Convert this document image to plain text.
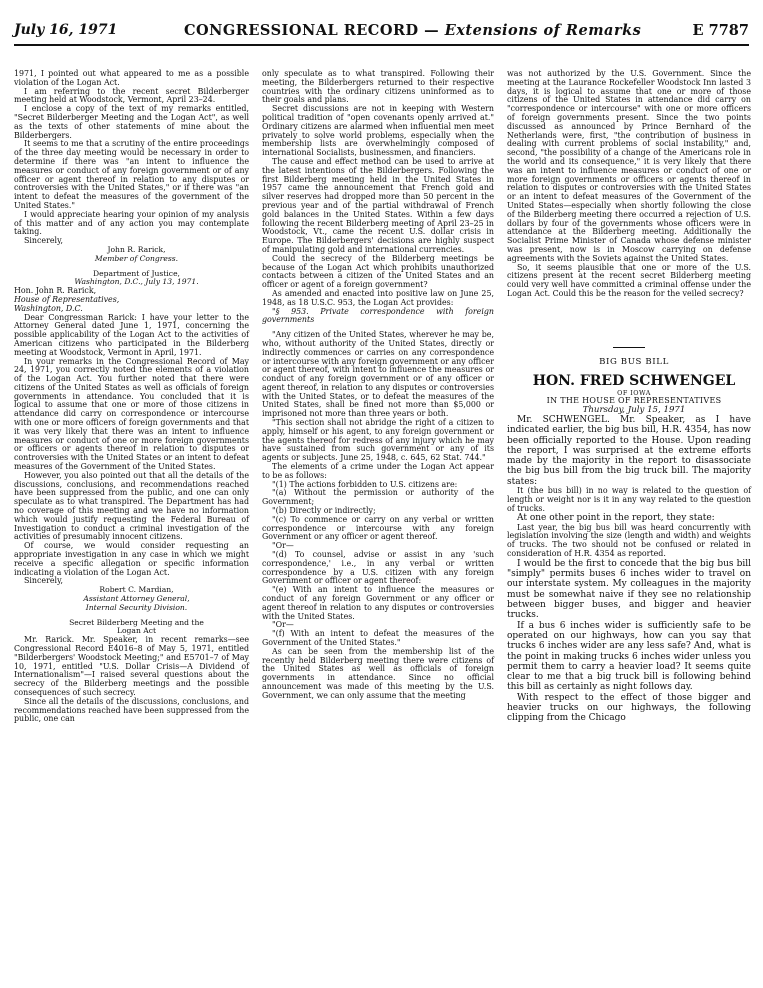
July 16, 1971	CONGRESSIONAL RECORD — Extensions of Remarks	E 7787

1971, I pointed out what appeared to me as a possible violation of the Logan Act.

I am referring to the recent secret Bilderberger meeting held at Woodstock, Vermont, April 23–24.

I enclose a copy of the text of my remarks entitled, "Secret Bilderberger Meeting and the Logan Act", as well as the texts of other statements of mine about the Bilderbergers.

It seems to me that a scrutiny of the entire proceedings of the three day meeting would be necessary in order to determine if there was "an intent to influence the measures or conduct of any foreign government or of any officer or agent thereof in relation to any disputes or controversies with the United States," or if there was "an intent to defeat the measures of the government of the United States."

I would appreciate hearing your opinion of my analysis of this matter and of any action you may contemplate taking.

Sincerely,

John R. Rarick,

Member of Congress.

Department of Justice,

Washington, D.C., July 13, 1971.

Hon. John R. Rarick,

House of Representatives,

Washington, D.C.

Dear Congressman Rarick: I have your letter to the Attorney General dated June 1, 1971, concerning the possible applicability of the Logan Act to the activities of American citizens who participated in the Bilderberg meeting at Woodstock, Vermont in April, 1971.

In your remarks in the Congressional Record of May 24, 1971, you correctly noted the elements of a violation of the Logan Act. You further noted that there were citizens of the United States as well as officials of foreign governments in attendance. You concluded that it is logical to assume that one or more of those citizens in attendance did carry on correspondence or intercourse with one or more officers of foreign governments and that it was very likely that there was an intent to influence measures or conduct of one or more foreign governments or officers or agents thereof in relation to disputes or controversies with the United States or an intent to defeat measures of the Government of the United States.

However, you also pointed out that all the details of the discussions, conclusions, and recommendations reached have been suppressed from the public, and one can only speculate as to what transpired. The Department has had no coverage of this meeting and we have no information which would justify requesting the Federal Bureau of Investigation to conduct a criminal investigation of the activities of presumably innocent citizens.

Of course, we would consider requesting an appropriate investigation in any case in which we might receive a specific allegation or specific information indicating a violation of the Logan Act.

Sincerely,

Robert C. Mardian,

Assistant Attorney General,

Internal Security Division.

Secret Bilderberg Meeting and the

Logan Act

Mr. Rarick. Mr. Speaker, in recent remarks—see Congressional Record E4016–8 of May 5, 1971, entitled "Bilderbergers' Woodstock Meeting;" and E5701–7 of May 10, 1971, entitled "U.S. Dollar Crisis—A Dividend of Internationalism"—I raised several questions about the secrecy of the Bilderberg meetings and the possible consequences of such secrecy.

Since all the details of the discussions, conclusions, and recommendations reached have been suppressed from the public, one can

only speculate as to what transpired. Following their meeting, the Bilderbergers returned to their respective countries with the ordinary citizens uninformed as to their goals and plans.

Secret discussions are not in keeping with Western political tradition of "open covenants openly arrived at." Ordinary citizens are alarmed when influential men meet privately to solve world problems, especially when the membership lists are overwhelmingly composed of international Socialists, businessmen, and financiers.

The cause and effect method can be used to arrive at the latest intentions of the Bilderbergers. Following the first Bilderberg meeting held in the United States in 1957 came the announcement that French gold and silver reserves had dropped more than 50 percent in the previous year and of the partial withdrawal of French gold balances in the United States. Within a few days following the recent Bilderberg meeting of April 23–25 in Woodstock, Vt., came the recent U.S. dollar crisis in Europe. The Bilderbergers' decisions are highly suspect of manipulating gold and international currencies.

Could the secrecy of the Bilderberg meetings be because of the Logan Act which prohibits unauthorized contacts between a citizen of the United States and an officer or agent of a foreign government?

As amended and enacted into positive law on June 25, 1948, as 18 U.S.C. 953, the Logan Act provides:

"§ 953. Private correspondence with foreign governments

"Any citizen of the United States, wherever he may be, who, without authority of the United States, directly or indirectly commences or carries on any correspondence or intercourse with any foreign government or any officer or agent thereof, with intent to influence the measures or conduct of any foreign government or of any officer or agent thereof, in relation to any disputes or controversies with the United States, or to defeat the measures of the United States, shall be fined not more than $5,000 or imprisoned not more than three years or both.

"This section shall not abridge the right of a citizen to apply, himself or his agent, to any foreign government or the agents thereof for redress of any injury which he may have sustained from such government or any of its agents or subjects. June 25, 1948, c. 645, 62 Stat. 744."

The elements of a crime under the Logan Act appear to be as follows:

"(1) The actions forbidden to U.S. citizens are:

"(a) Without the permission or authority of the Government;

"(b) Directly or indirectly;

"(c) To commence or carry on any verbal or written correspondence or intercourse with any foreign Government or any officer or agent thereof.

"Or—

"(d) To counsel, advise or assist in any 'such correspondence,' i.e., in any verbal or written correspondence by a U.S. citizen with any foreign Government or officer or agent thereof:

"(e) With an intent to influence the measures or conduct of any foreign Government or any officer or agent thereof in relation to any disputes or controversies with the United States.

"Or—

"(f) With an intent to defeat the measures of the Government of the United States."

As can be seen from the membership list of the recently held Bilderberg meeting there were citizens of the United States as well as officials of foreign governments in attendance. Since no official announcement was made of this meeting by the U.S. Government, we can only assume that the meeting

was not authorized by the U.S. Government. Since the meeting at the Laurance Rockefeller Woodstock Inn lasted 3 days, it is logical to assume that one or more of those citizens of the United States in attendance did carry on "correspondence or intercourse" with one or more officers of foreign governments present. Since the two points discussed as announced by Prince Bernhard of the Netherlands were, first, "the contribution of business in dealing with current problems of social instability," and, second, "the possibility of a change of the Americans role in the world and its consequence," it is very likely that there was an intent to influence measures or conduct of one or more foreign governments or officers or agents thereof in relation to disputes or controversies with the United States or an intent to defeat measures of the Government of the United States—especially when shortly following the close of the Bilderberg meeting there occurred a rejection of U.S. dollars by four of the governments whose officers were in attendance at the Bilderberg meeting. Additionally the Socialist Prime Minister of Canada whose defense minister was present, now is in Moscow carrying on defense agreements with the Soviets against the United States.

So, it seems plausible that one or more of the U.S. citizens present at the recent secret Bilderberg meeting could very well have committed a criminal offense under the Logan Act. Could this be the reason for the veiled secrecy?

BIG BUS BILL

HON. FRED SCHWENGEL

OF IOWA

IN THE HOUSE OF REPRESENTATIVES

Thursday, July 15, 1971

Mr. SCHWENGEL. Mr. Speaker, as I have indicated earlier, the big bus bill, H.R. 4354, has now been officially reported to the House. Upon reading the report, I was surprised at the extreme efforts made by the majority in the report to disassociate the big bus bill from the big truck bill. The majority states:

It (the bus bill) in no way is related to the question of length or weight nor is it in any way related to the question of trucks.

At one other point in the report, they state:

Last year, the big bus bill was heard concurrently with legislation involving the size (length and width) and weights of trucks. The two should not be confused or related in consideration of H.R. 4354 as reported.

I would be the first to concede that the big bus bill "simply" permits buses 6 inches wider to travel on our interstate system. My colleagues in the majority must be somewhat naive if they see no relationship between bigger buses, and bigger and heavier trucks.

If a bus 6 inches wider is sufficiently safe to be operated on our highways, how can you say that trucks 6 inches wider are any less safe? And, what is the point in making trucks 6 inches wider unless you permit them to carry a heavier load? It seems quite clear to me that a big truck bill is following behind this bill as certainly as night follows day.

With respect to the effect of those bigger and heavier trucks on our highways, the following clipping from the Chicago
